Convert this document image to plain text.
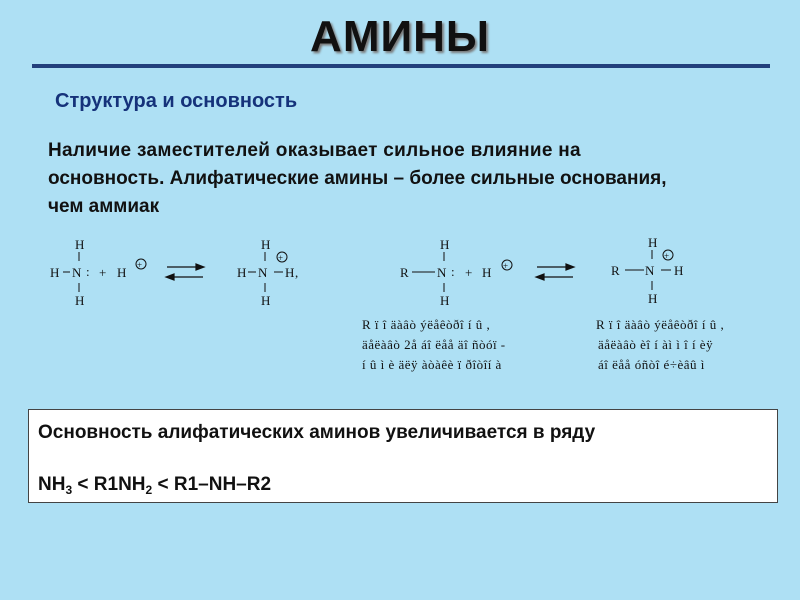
АМИНЫ
Структура и основность
Наличие заместителей оказывает сильное влияние на
основность. Алифатические амины – более сильные основания,
чем аммиак
H
H N :
H
+ H +
H
H N H ,
H
+
H
R N :
H
+ H +
H
R N H
H
+
R ï î äàâò ýëåêòðî í û ,
äåëàâò 2å áî ëåå äî ñòóï -
í û ì è äëÿ àòàêè ï ðîòîí à
R ï î äàâò ýëåêòðî í û ,
äåëàâò èî í àì ì î í èÿ
áî ëåå óñòî é÷èâû ì
Основность алифатических аминов увеличивается в ряду
$NH_3 < R1NH_2 < R1-NH-R2$
